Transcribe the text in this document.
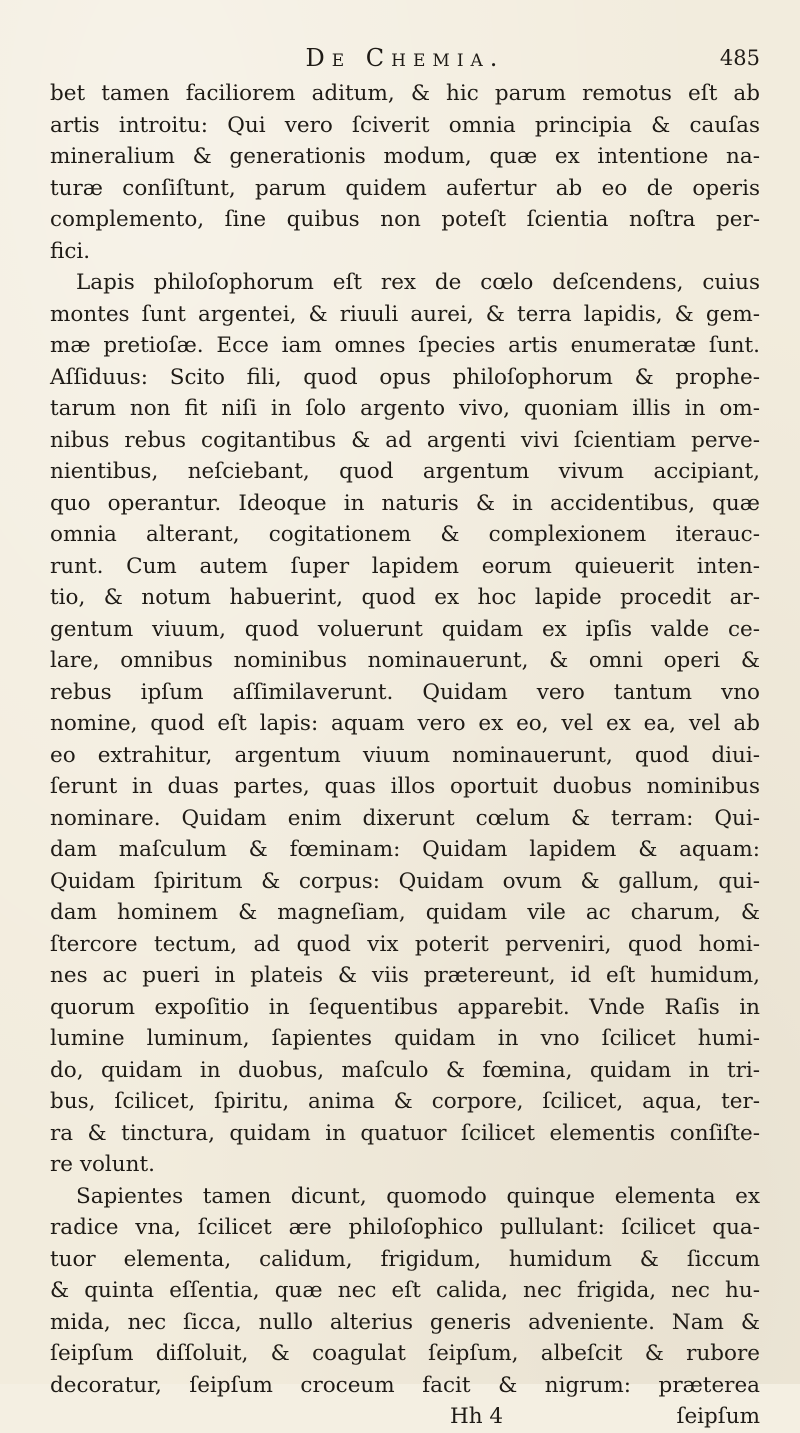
De Chemia.	485
bet tamen faciliorem aditum, & hic parum remotus eſt ab
artis introitu: Qui vero ſciverit omnia principia & cauſas
mineralium & generationis modum, quæ ex intentione na-
turæ conſiſtunt, parum quidem aufertur ab eo de operis
complemento, ſine quibus non poteſt ſcientia noſtra per-
fici.
Lapis philoſophorum eſt rex de cœlo deſcendens, cuius
montes ſunt argentei, & riuuli aurei, & terra lapidis, & gem-
mæ pretioſæ. Ecce iam omnes ſpecies artis enumeratæ ſunt.
Aſſiduus: Scito fili, quod opus philoſophorum & prophe-
tarum non fit niſi in ſolo argento vivo, quoniam illis in om-
nibus rebus cogitantibus & ad argenti vivi ſcientiam perve-
nientibus, neſciebant, quod argentum vivum accipiant,
quo operantur. Ideoque in naturis & in accidentibus, quæ
omnia alterant, cogitationem & complexionem iterauc-
runt. Cum autem ſuper lapidem eorum quieuerit inten-
tio, & notum habuerint, quod ex hoc lapide procedit ar-
gentum viuum, quod voluerunt quidam ex ipſis valde ce-
lare, omnibus nominibus nominauerunt, & omni operi &
rebus ipſum aſſimilaverunt. Quidam vero tantum vno
nomine, quod eſt lapis: aquam vero ex eo, vel ex ea, vel ab
eo extrahitur, argentum viuum nominauerunt, quod diui-
ſerunt in duas partes, quas illos oportuit duobus nominibus
nominare. Quidam enim dixerunt cœlum & terram: Qui-
dam maſculum & fœminam: Quidam lapidem & aquam:
Quidam ſpiritum & corpus: Quidam ovum & gallum, qui-
dam hominem & magneſiam, quidam vile ac charum, &
ſtercore tectum, ad quod vix poterit perveniri, quod homi-
nes ac pueri in plateis & viis prætereunt, id eſt humidum,
quorum expoſitio in ſequentibus apparebit. Vnde Raſis in
lumine luminum, ſapientes quidam in vno ſcilicet humi-
do, quidam in duobus, maſculo & fœmina, quidam in tri-
bus, ſcilicet, ſpiritu, anima & corpore, ſcilicet, aqua, ter-
ra & tinctura, quidam in quatuor ſcilicet elementis conſiſte-
re volunt.
Sapientes tamen dicunt, quomodo quinque elementa ex
radice vna, ſcilicet ære philoſophico pullulant: ſcilicet qua-
tuor elementa, calidum, frigidum, humidum & ſiccum
& quinta eſſentia, quæ nec eſt calida, nec frigida, nec hu-
mida, nec ſicca, nullo alterius generis adveniente. Nam &
ſeipſum diſſoluit, & coagulat ſeipſum, albeſcit & rubore
decoratur, ſeipſum croceum facit & nigrum: præterea
Hh 4	ſeipſum
